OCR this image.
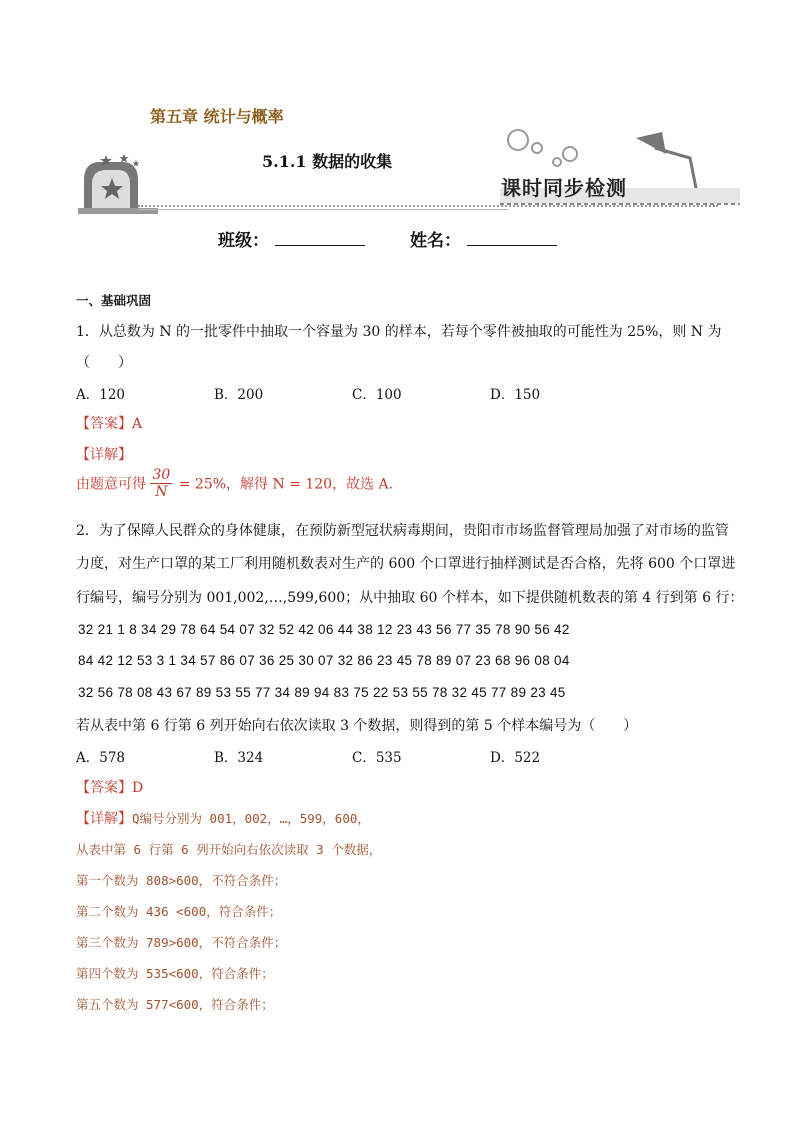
第五章 统计与概率
5.1.1 数据的收集
课时同步检测
班级：	姓名：
一、基础巩固
1．从总数为 N 的一批零件中抽取一个容量为 30 的样本，若每个零件被抽取的可能性为 25%，则 N 为
（　　）
A．120	B．200	C．100	D．150
【答案】A
【详解】
由题意可得 $\frac{30}{N} = 25\%$，解得 N = 120，故选 A.
2．为了保障人民群众的身体健康，在预防新型冠状病毒期间，贵阳市市场监督管理局加强了对市场的监管
力度，对生产口罩的某工厂利用随机数表对生产的 600 个口罩进行抽样测试是否合格，先将 600 个口罩进
行编号，编号分别为 001,002,…,599,600；从中抽取 60 个样本，如下提供随机数表的第 4 行到第 6 行：
32 21 1 8 34 29 78 64 54 07 32 52 42 06 44 38 12 23 43 56 77 35 78 90 56 42
84 42 12 53 3 1 34 57 86 07 36 25 30 07 32 86 23 45 78 89 07 23 68 96 08 04
32 56 78 08 43 67 89 53 55 77 34 89 94 83 75 22 53 55 78 32 45 77 89 23 45
若从表中第 6 行第 6 列开始向右依次读取 3 个数据，则得到的第 5 个样本编号为（　　）
A．578	B．324	C．535	D．522
【答案】D
【详解】Q编号分别为 001，002，…，599，600，
从表中第 6 行第 6 列开始向右依次读取 3 个数据，
第一个数为 808>600，不符合条件；
第二个数为 436 <600，符合条件；
第三个数为 789>600，不符合条件；
第四个数为 535<600，符合条件；
第五个数为 577<600，符合条件；
